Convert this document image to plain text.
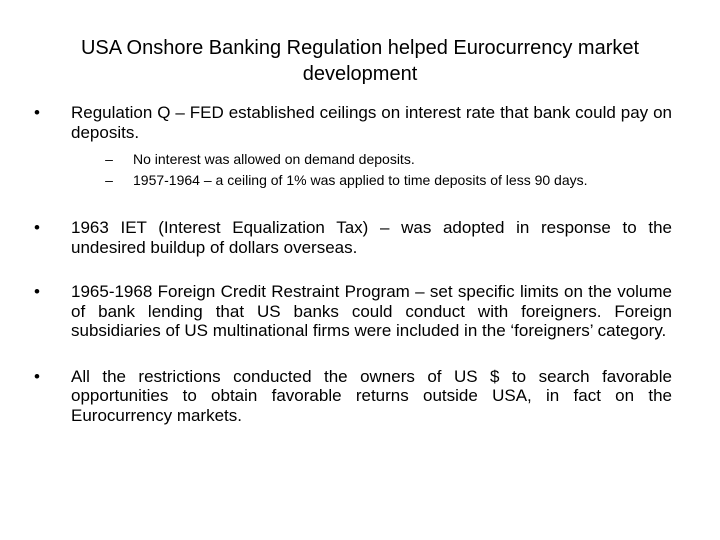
USA Onshore Banking Regulation helped Eurocurrency market development
• Regulation Q – FED established ceilings on interest rate that bank could pay on deposits.
– No interest was allowed on demand deposits.
– 1957-1964 – a ceiling of 1% was applied to time deposits of less 90 days.
• 1963 IET (Interest Equalization Tax) – was adopted in response to the undesired buildup of dollars overseas.
• 1965-1968 Foreign Credit Restraint Program – set specific limits on the volume of bank lending that US banks could conduct with foreigners. Foreign subsidiaries of US multinational firms were included in the ‘foreigners’ category.
• All the restrictions conducted the owners of US $ to search favorable opportunities to obtain favorable returns outside USA, in fact on the Eurocurrency markets.
